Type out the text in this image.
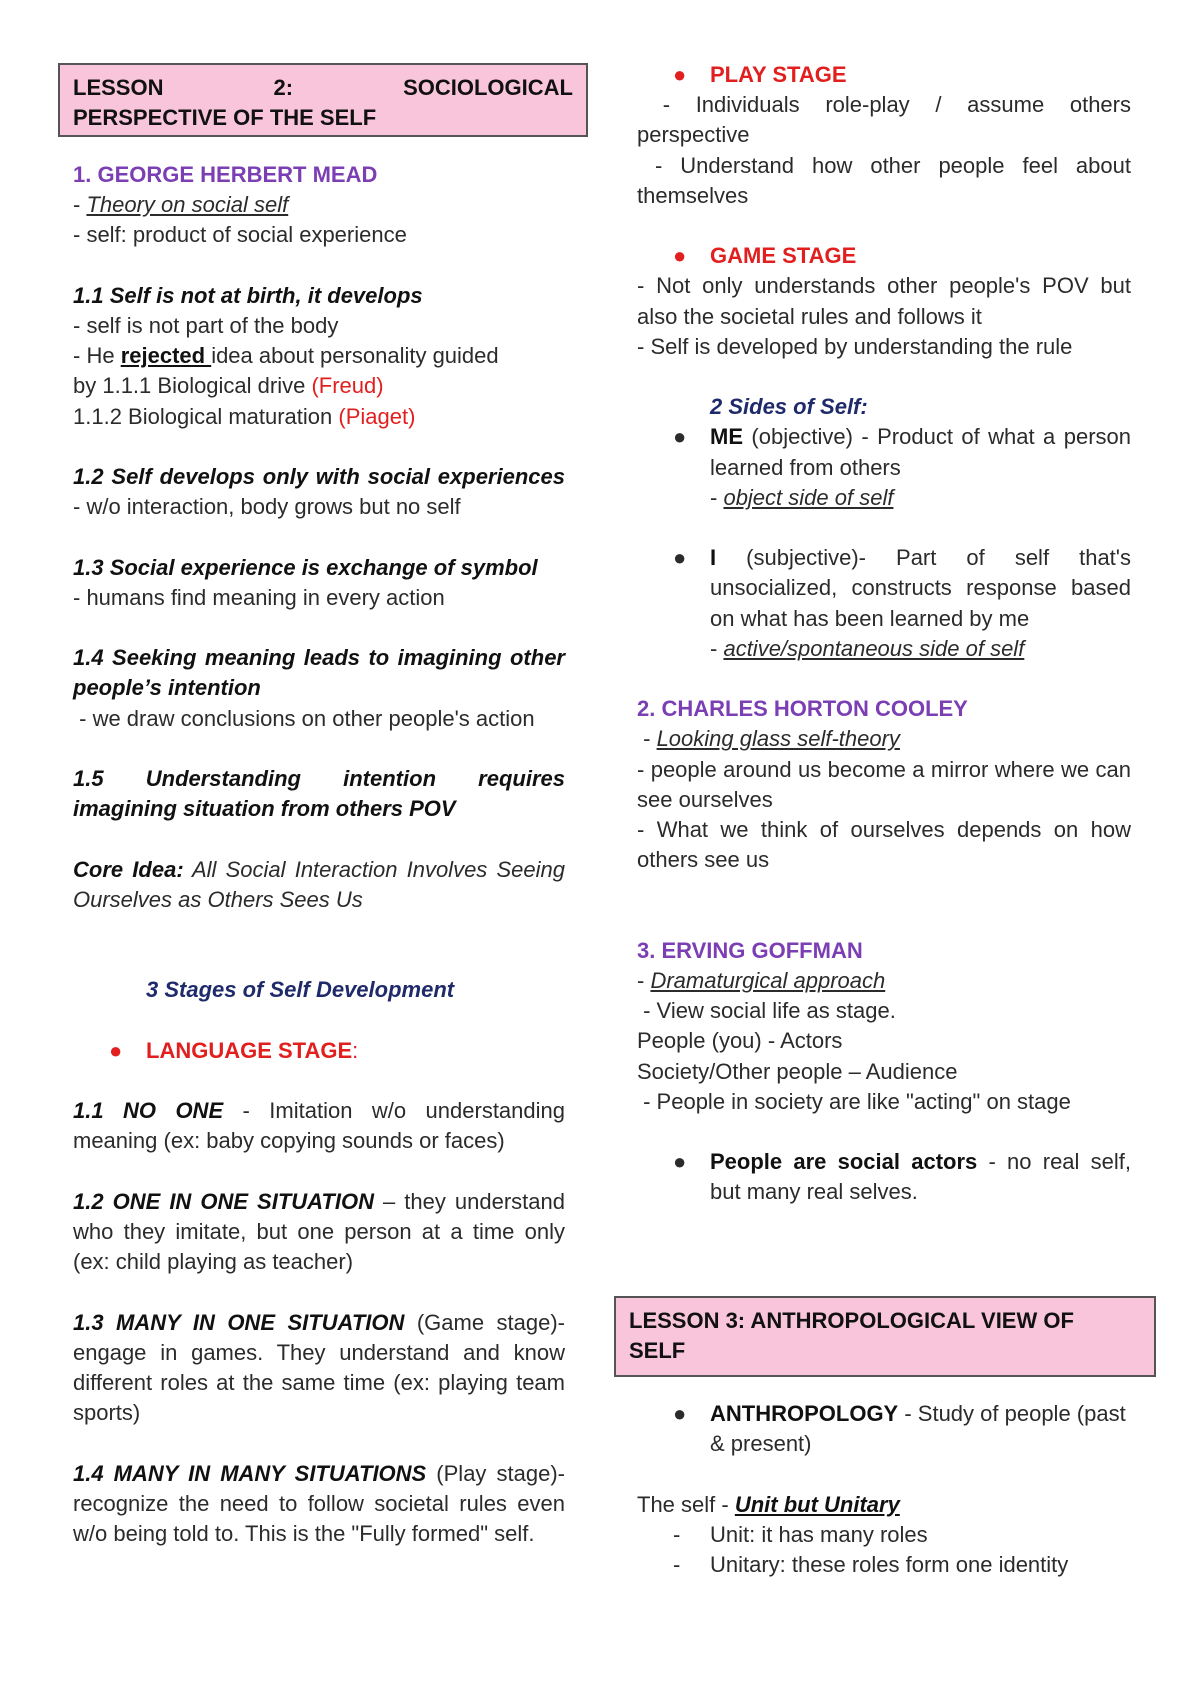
LESSON	2:	SOCIOLOGICAL
PERSPECTIVE OF THE SELF
1. GEORGE HERBERT MEAD
- Theory on social self
- self: product of social experience
1.1 Self is not at birth, it develops
- self is not part of the body
- He rejected idea about personality guided
by 1.1.1 Biological drive (Freud)
1.1.2 Biological maturation (Piaget)
1.2 Self develops only with social experiences - w/o interaction, body grows but no self
1.3 Social experience is exchange of symbol
- humans find meaning in every action
1.4 Seeking meaning leads to imagining other people’s intention
- we draw conclusions on other people's action
1.5 Understanding intention requires imagining situation from others POV
Core Idea: All Social Interaction Involves Seeing Ourselves as Others Sees Us
3 Stages of Self Development
● LANGUAGE STAGE:
1.1 NO ONE - Imitation w/o understanding meaning (ex: baby copying sounds or faces)
1.2 ONE IN ONE SITUATION – they understand who they imitate, but one person at a time only (ex: child playing as teacher)
1.3 MANY IN ONE SITUATION (Game stage)- engage in games. They understand and know different roles at the same time (ex: playing team sports)
1.4 MANY IN MANY SITUATIONS (Play stage)- recognize the need to follow societal rules even w/o being told to. This is the "Fully formed" self.
● PLAY STAGE
- Individuals role-play / assume others perspective
- Understand how other people feel about themselves
● GAME STAGE
- Not only understands other people's POV but also the societal rules and follows it
- Self is developed by understanding the rule
2 Sides of Self:
● ME (objective) - Product of what a person learned from others
- object side of self
● I (subjective)- Part of self that's unsocialized, constructs response based on what has been learned by me
- active/spontaneous side of self
2. CHARLES HORTON COOLEY
- Looking glass self-theory
- people around us become a mirror where we can see ourselves
- What we think of ourselves depends on how others see us
3. ERVING GOFFMAN
- Dramaturgical approach
- View social life as stage.
People (you) - Actors
Society/Other people – Audience
- People in society are like "acting" on stage
● People are social actors - no real self, but many real selves.
LESSON 3: ANTHROPOLOGICAL VIEW OF
SELF
● ANTHROPOLOGY - Study of people (past & present)
The self - Unit but Unitary
- Unit: it has many roles
- Unitary: these roles form one identity
